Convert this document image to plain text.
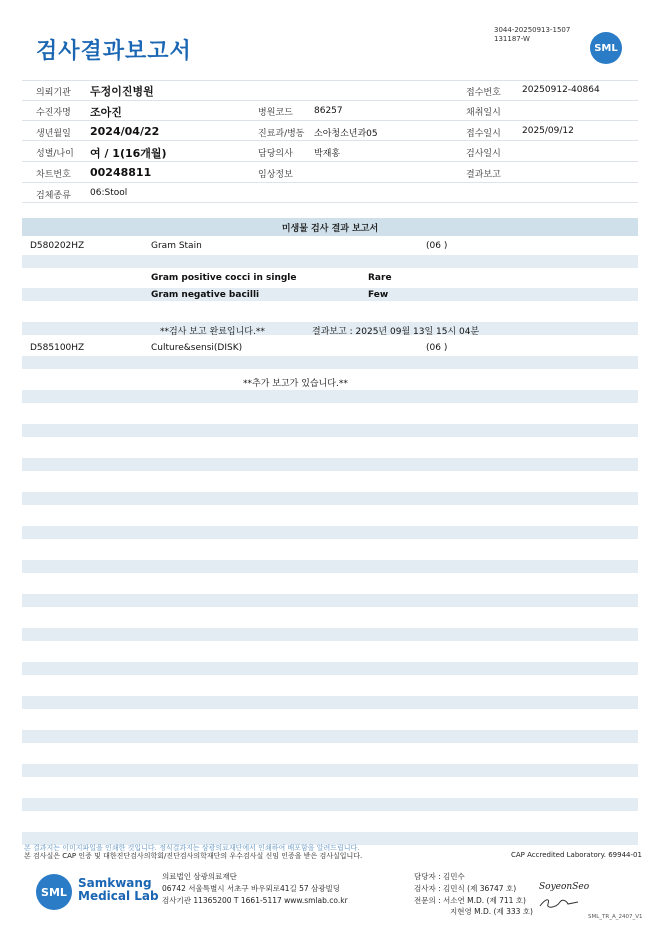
검사결과보고서
3044-20250913-1507
131187-W
SML
의뢰기관 두정이진병원	접수번호 20250912-40864
수진자명 조아진	병원코드 86257	채취일시
생년월일 2024/04/22	진료과/병동 소아청소년과05	접수일시 2025/09/12
성별/나이 여 / 1(16개월)	담당의사 박재홍	검사일시
차트번호 00248811	임상정보	결과보고
검체종류 06:Stool
미생물 검사 결과 보고서
D580202HZ	Gram Stain	(06 )
Gram positive cocci in single	Rare
Gram negative bacilli	Few
**검사 보고 완료입니다.**	결과보고 : 2025년 09월 13일 15시 04분
D585100HZ	Culture&sensi(DISK)	(06 )
**추가 보고가 있습니다.**
본 결과지는 이미지파일을 인쇄한 것입니다. 정식결과지는 삼광의료재단에서 인쇄하여 배포함을 알려드립니다.
본 검사실은 CAP 인증 및 대한진단검사의학회/진단검사의학재단의 우수검사실 신임 인증을 받은 검사실입니다.	CAP Accredited Laboratory. 69944-01
SML
Samkwang
Medical Lab
의료법인 삼광의료재단
06742 서울특별시 서초구 바우뫼로41길 57 삼광빌딩
검사기관 11365200 T 1661-5117 www.smlab.co.kr
담당자 : 김민수
검사자 : 김민식 (제 36747 호)
전문의 : 서소연 M.D. (제 711 호)
지현영 M.D. (제 333 호)
SoyeonSeo
SML_TR_A_2407_V1
